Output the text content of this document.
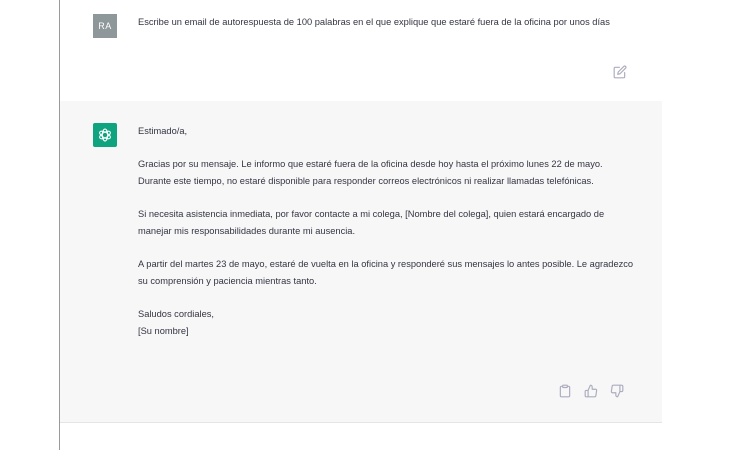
RA	Escribe un email de autorespuesta de 100 palabras en el que explique que estaré fuera de la oficina por unos días

Estimado/a,

Gracias por su mensaje. Le informo que estaré fuera de la oficina desde hoy hasta el próximo lunes 22 de mayo. Durante este tiempo, no estaré disponible para responder correos electrónicos ni realizar llamadas telefónicas.

Si necesita asistencia inmediata, por favor contacte a mi colega, [Nombre del colega], quien estará encargado de manejar mis responsabilidades durante mi ausencia.

A partir del martes 23 de mayo, estaré de vuelta en la oficina y responderé sus mensajes lo antes posible. Le agradezco su comprensión y paciencia mientras tanto.

Saludos cordiales,

[Su nombre]
